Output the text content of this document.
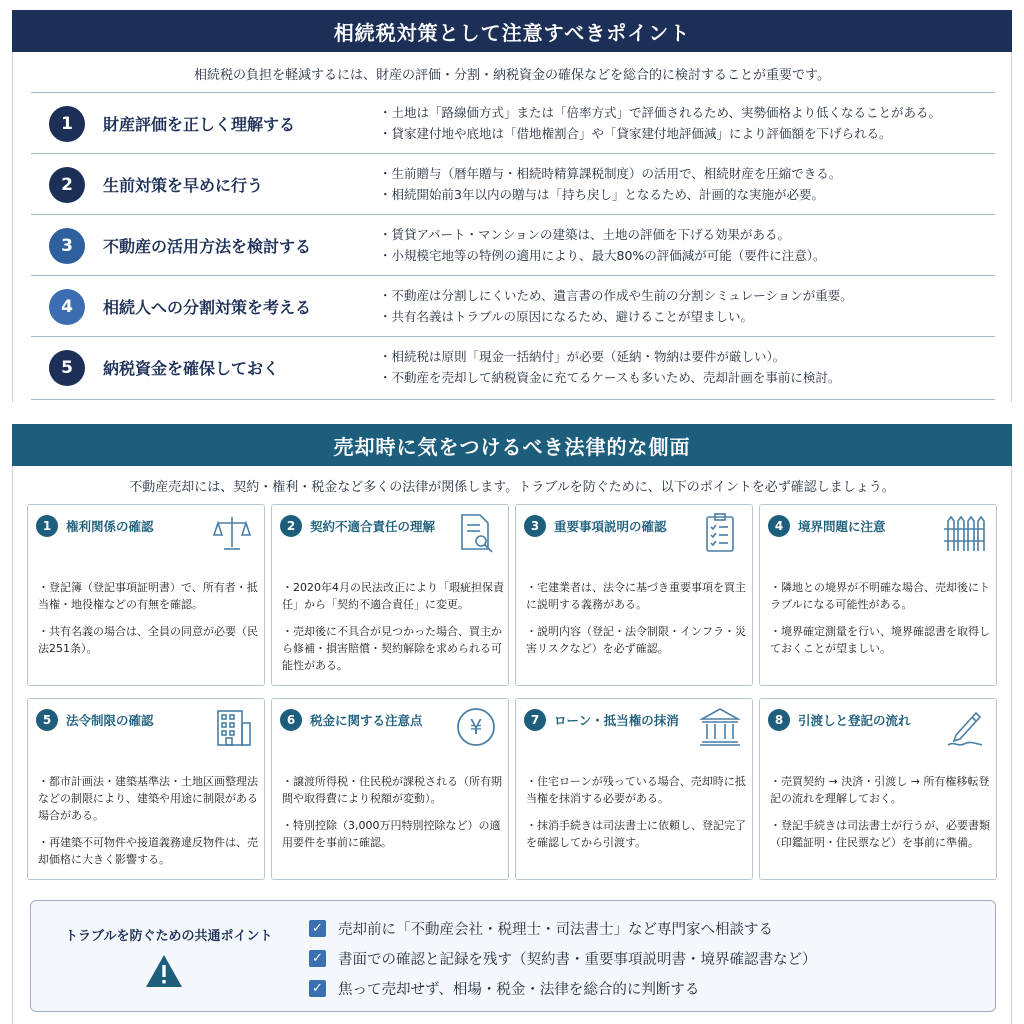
相続税対策として注意すべきポイント
相続税の負担を軽減するには、財産の評価・分割・納税資金の確保などを総合的に検討することが重要です。
1	財産評価を正しく理解する
・土地は「路線価方式」または「倍率方式」で評価されるため、実勢価格より低くなることがある。
・貸家建付地や底地は「借地権割合」や「貸家建付地評価減」により評価額を下げられる。
2	生前対策を早めに行う
・生前贈与（暦年贈与・相続時精算課税制度）の活用で、相続財産を圧縮できる。
・相続開始前3年以内の贈与は「持ち戻し」となるため、計画的な実施が必要。
3	不動産の活用方法を検討する
・賃貸アパート・マンションの建築は、土地の評価を下げる効果がある。
・小規模宅地等の特例の適用により、最大80%の評価減が可能（要件に注意）。
4	相続人への分割対策を考える
・不動産は分割しにくいため、遺言書の作成や生前の分割シミュレーションが重要。
・共有名義はトラブルの原因になるため、避けることが望ましい。
5	納税資金を確保しておく
・相続税は原則「現金一括納付」が必要（延納・物納は要件が厳しい）。
・不動産を売却して納税資金に充てるケースも多いため、売却計画を事前に検討。
売却時に気をつけるべき法律的な側面
不動産売却には、契約・権利・税金など多くの法律が関係します。トラブルを防ぐために、以下のポイントを必ず確認しましょう。
1	権利関係の確認

・登記簿（登記事項証明書）で、所有者・抵当権・地役権などの有無を確認。

・共有名義の場合は、全員の同意が必要（民法251条）。

2	契約不適合責任の理解

・2020年4月の民法改正により「瑕疵担保責任」から「契約不適合責任」に変更。

・売却後に不具合が見つかった場合、買主から修補・損害賠償・契約解除を求められる可能性がある。

3	重要事項説明の確認

・宅建業者は、法令に基づき重要事項を買主に説明する義務がある。

・説明内容（登記・法令制限・インフラ・災害リスクなど）を必ず確認。

4	境界問題に注意

・隣地との境界が不明確な場合、売却後にトラブルになる可能性がある。

・境界確定測量を行い、境界確認書を取得しておくことが望ましい。

5	法令制限の確認

・都市計画法・建築基準法・土地区画整理法などの制限により、建築や用途に制限がある場合がある。

・再建築不可物件や接道義務違反物件は、売却価格に大きく影響する。

6	税金に関する注意点 ¥

・譲渡所得税・住民税が課税される（所有期間や取得費により税額が変動）。

・特別控除（3,000万円特別控除など）の適用要件を事前に確認。

7	ローン・抵当権の抹消

・住宅ローンが残っている場合、売却時に抵当権を抹消する必要がある。

・抹消手続きは司法書士に依頼し、登記完了を確認してから引渡す。

8	引渡しと登記の流れ

・売買契約 → 決済・引渡し → 所有権移転登記の流れを理解しておく。

・登記手続きは司法書士が行うが、必要書類（印鑑証明・住民票など）を事前に準備。

トラブルを防ぐための共通ポイント
✓ 売却前に「不動産会社・税理士・司法書士」など専門家へ相談する
✓ 書面での確認と記録を残す（契約書・重要事項説明書・境界確認書など）
✓ 焦って売却せず、相場・税金・法律を総合的に判断する
